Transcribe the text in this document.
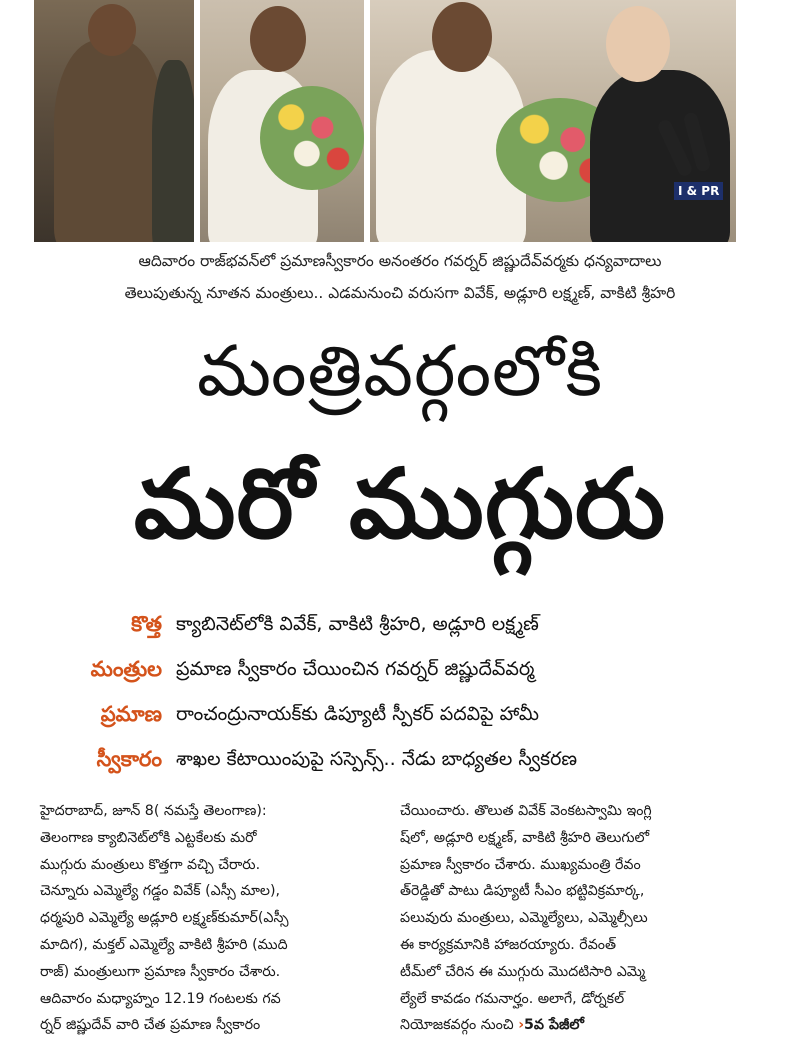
I & PR
ఆదివారం రాజ్‌భవన్‌లో ప్రమాణస్వీకారం అనంతరం గవర్నర్ జిష్ణుదేవ్‌వర్మకు ధన్యవాదాలు
తెలుపుతున్న నూతన మంత్రులు.. ఎడమనుంచి వరుసగా వివేక్, అడ్లూరి లక్ష్మణ్, వాకిటి శ్రీహరి
మంత్రివర్గంలోకి
మరో ముగ్గురు
కొత్త
మంత్రుల
ప్రమాణ
స్వీకారం
క్యాబినెట్‌లోకి వివేక్, వాకిటి శ్రీహరి, అడ్లూరి లక్ష్మణ్
ప్రమాణ స్వీకారం చేయించిన గవర్నర్ జిష్ణుదేవ్‌వర్మ
రాంచంద్రునాయక్‌కు డిప్యూటీ స్పీకర్ పదవిపై హామీ
శాఖల కేటాయింపుపై సస్పెన్స్.. నేడు బాధ్యతల స్వీకరణ
హైదరాబాద్, జూన్ 8( నమస్తే తెలంగాణ):
తెలంగాణ క్యాబినెట్‌లోకి ఎట్టకేలకు మరో
ముగ్గురు మంత్రులు కొత్తగా వచ్చి చేరారు.
చెన్నూరు ఎమ్మెల్యే గడ్డం వివేక్ (ఎస్సీ మాల),
ధర్మపురి ఎమ్మెల్యే అడ్లూరి లక్ష్మణ్‌కుమార్(ఎస్సీ
మాదిగ), మక్తల్ ఎమ్మెల్యే వాకిటి శ్రీహరి (ముది
రాజ్) మంత్రులుగా ప్రమాణ స్వీకారం చేశారు.
ఆదివారం మధ్యాహ్నం 12.19 గంటలకు గవ
ర్నర్ జిష్ణుదేవ్ వారి చేత ప్రమాణ స్వీకారం
చేయించారు. తొలుత వివేక్ వెంకటస్వామి ఇంగ్లి
ష్‌లో, అడ్లూరి లక్ష్మణ్, వాకిటి శ్రీహరి తెలుగులో
ప్రమాణ స్వీకారం చేశారు. ముఖ్యమంత్రి రేవం
త్‌రెడ్డితో పాటు డిప్యూటీ సీఎం భట్టివిక్రమార్క,
పలువురు మంత్రులు, ఎమ్మెల్యేలు, ఎమ్మెల్సీలు
ఈ కార్యక్రమానికి హాజరయ్యారు. రేవంత్
టీమ్‌లో చేరిన ఈ ముగ్గురు మొదటిసారి ఎమ్మె
ల్యేలే కావడం గమనార్హం. అలాగే, డోర్నకల్
నియోజకవర్గం నుంచి ›5వ పేజీలో
